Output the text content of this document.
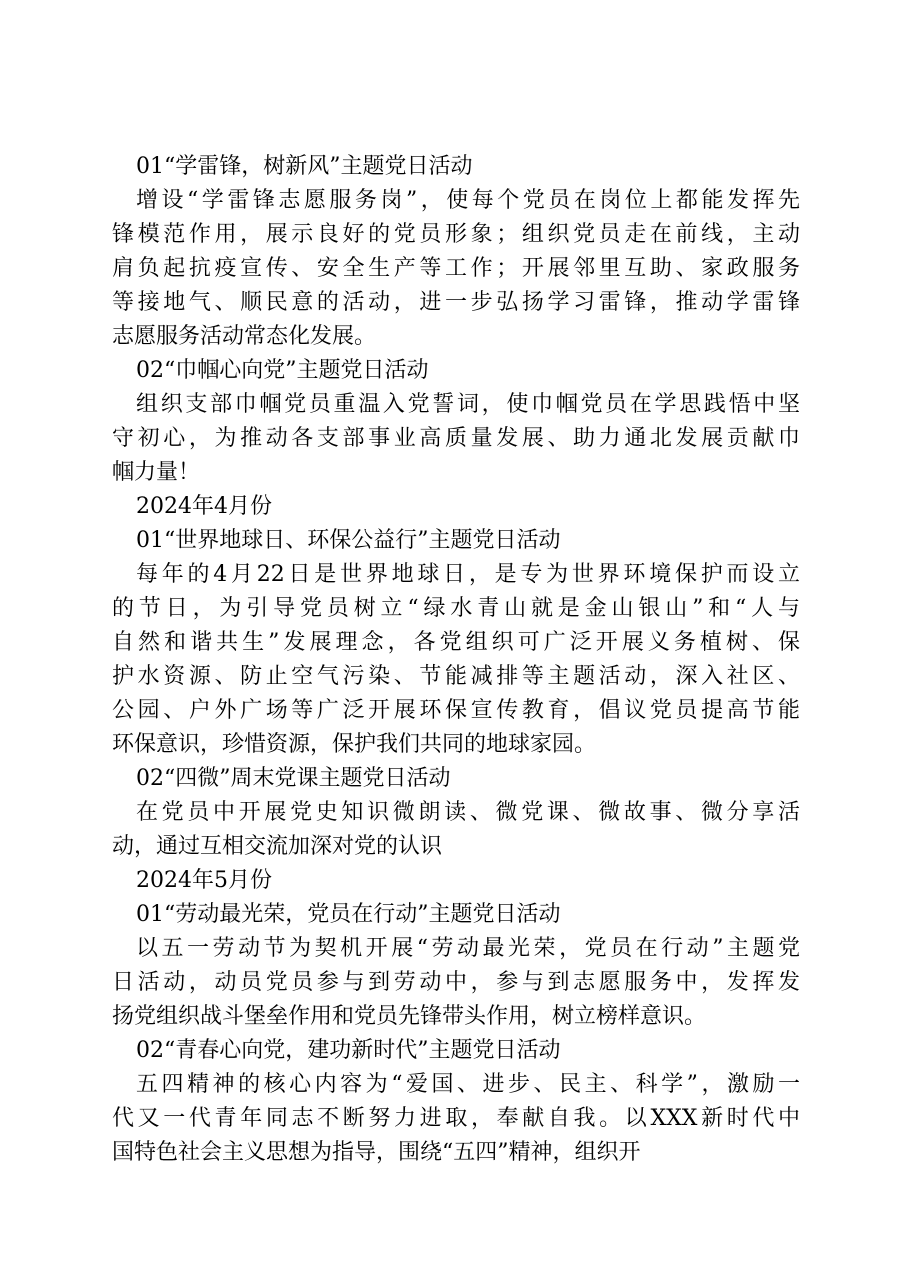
01“学雷锋，树新风”主题党日活动
增设“学雷锋志愿服务岗”，使每个党员在岗位上都能发挥先
锋模范作用，展示良好的党员形象；组织党员走在前线，主动
肩负起抗疫宣传、安全生产等工作；开展邻里互助、家政服务
等接地气、顺民意的活动，进一步弘扬学习雷锋，推动学雷锋
志愿服务活动常态化发展。
02“巾帼心向党”主题党日活动
组织支部巾帼党员重温入党誓词，使巾帼党员在学思践悟中坚
守初心，为推动各支部事业高质量发展、助力通北发展贡献巾
帼力量！
2024年4月份
01“世界地球日、环保公益行”主题党日活动
每年的4月22日是世界地球日，是专为世界环境保护而设立
的节日，为引导党员树立“绿水青山就是金山银山”和“人与
自然和谐共生”发展理念，各党组织可广泛开展义务植树、保
护水资源、防止空气污染、节能减排等主题活动，深入社区、
公园、户外广场等广泛开展环保宣传教育，倡议党员提高节能
环保意识，珍惜资源，保护我们共同的地球家园。
02“四微”周末党课主题党日活动
在党员中开展党史知识微朗读、微党课、微故事、微分享活
动，通过互相交流加深对党的认识
2024年5月份
01“劳动最光荣，党员在行动”主题党日活动
以五一劳动节为契机开展“劳动最光荣，党员在行动”主题党
日活动，动员党员参与到劳动中，参与到志愿服务中，发挥发
扬党组织战斗堡垒作用和党员先锋带头作用，树立榜样意识。
02“青春心向党，建功新时代”主题党日活动
五四精神的核心内容为“爱国、进步、民主、科学”，激励一
代又一代青年同志不断努力进取，奉献自我。以XXX新时代中
国特色社会主义思想为指导，围绕“五四”精神，组织开
